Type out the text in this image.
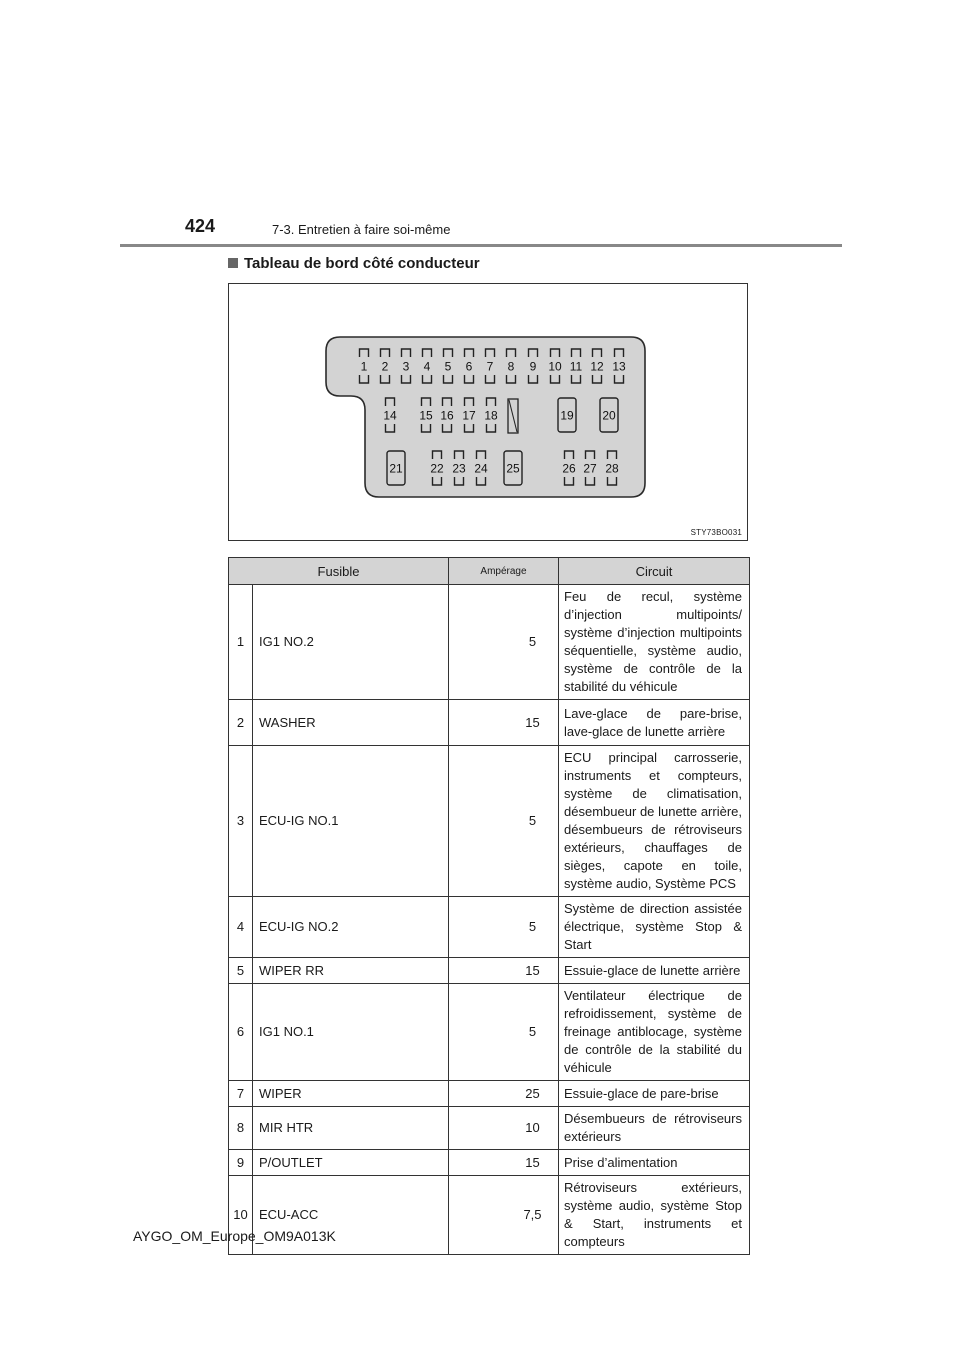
424	7-3. Entretien à faire soi-même
Tableau de bord côté conducteur
1 2 3 4 5 6 7 8 9 10 11 12 13
14 15 16 17 18	19 20
21 22 23 24 25	26 27 28
STY73BO031
Fusible		Ampérage	Circuit
1	IG1 NO.2	5	Feu de recul, système d’injection multipoints/ système d’injection multipoints séquentielle, système audio, système de contrôle de la stabilité du véhicule
2	WASHER	15	Lave-glace de pare-brise, lave-glace de lunette arrière
3	ECU-IG NO.1	5	ECU principal carrosserie, instruments et compteurs, système de climatisation, désembueur de lunette arrière, désembueurs de rétroviseurs extérieurs, chauffages de sièges, capote en toile, système audio, Système PCS
4	ECU-IG NO.2	5	Système de direction assistée électrique, système Stop & Start
5	WIPER RR	15	Essuie-glace de lunette arrière
6	IG1 NO.1	5	Ventilateur électrique de refroidissement, système de freinage antiblocage, système de contrôle de la stabilité du véhicule
7	WIPER	25	Essuie-glace de pare-brise
8	MIR HTR	10	Désembueurs de rétroviseurs extérieurs
9	P/OUTLET	15	Prise d’alimentation
10	ECU-ACC	7,5	Rétroviseurs extérieurs, système audio, système Stop & Start, instruments et compteurs
AYGO_OM_Europe_OM9A013K
